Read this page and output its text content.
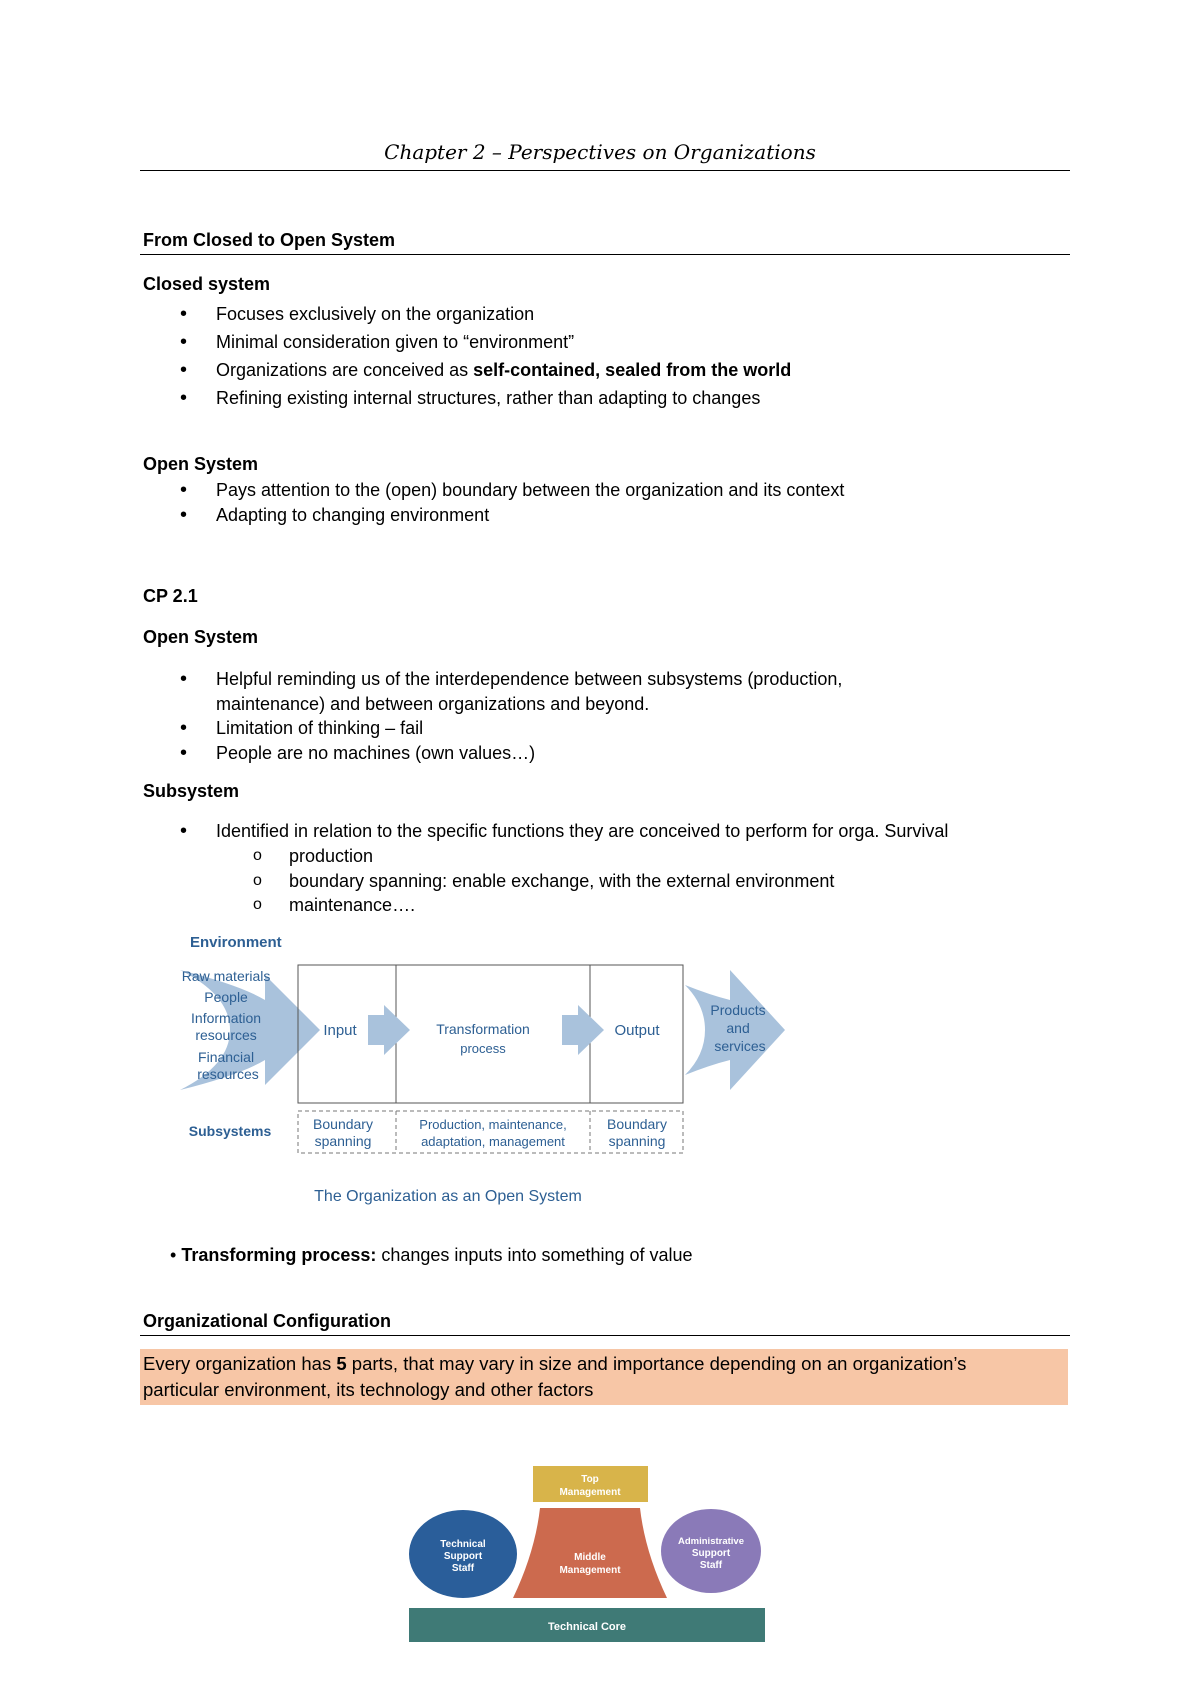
Chapter 2 – Perspectives on Organizations
From Closed to Open System
Closed system
• Focuses exclusively on the organization
• Minimal consideration given to “environment”
• Organizations are conceived as self-contained, sealed from the world
• Refining existing internal structures, rather than adapting to changes
Open System
• Pays attention to the (open) boundary between the organization and its context
• Adapting to changing environment
CP 2.1
Open System
• Helpful reminding us of the interdependence between subsystems (production,
maintenance) and between organizations and beyond.
• Limitation of thinking – fail
• People are no machines (own values…)
Subsystem
• Identified in relation to the specific functions they are conceived to perform for orga. Survival
o production
o boundary spanning: enable exchange, with the external environment
o maintenance….
Environment
Raw materials People Information resources Financial resources
Input	Transformation
process
Output
Products and services
Subsystems	Boundary
spanning
Production, maintenance,
adaptation, management
Boundary
spanning
The Organization as an Open System
• Transforming process: changes inputs into something of value
Organizational Configuration
Every organization has 5 parts, that may vary in size and importance depending on an organization’s
particular environment, its technology and other factors
Top
Management
Middle
Management
Technical
Support
Staff
Administrative
Support
Staff
Technical Core
